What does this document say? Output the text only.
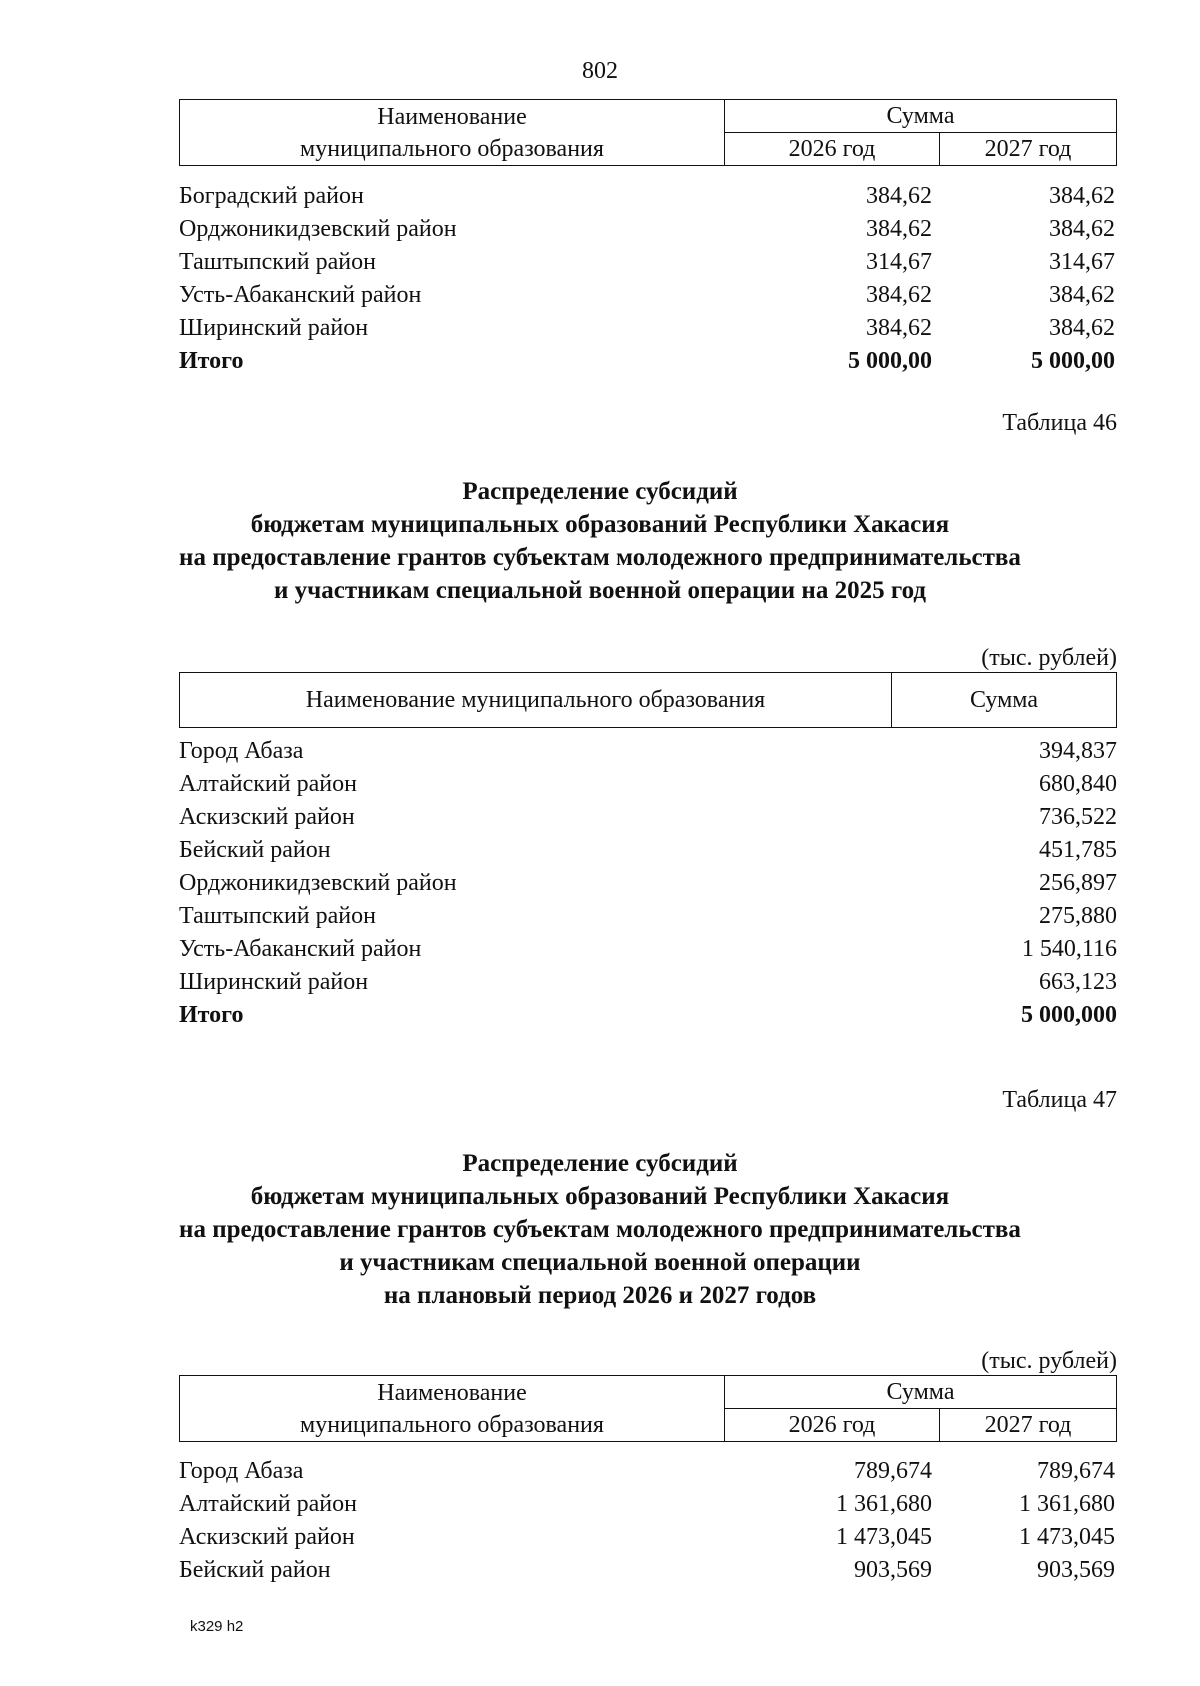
802
Наименование
муниципального образования	Сумма	
	2026 год	2027 год
Боградский район	384,62	384,62
Орджоникидзевский район	384,62	384,62
Таштыпский район	314,67	314,67
Усть-Абаканский район	384,62	384,62
Ширинский район	384,62	384,62
Итого	5 000,00	5 000,00
Таблица 46
Распределение субсидий
бюджетам муниципальных образований Республики Хакасия
на предоставление грантов субъектам молодежного предпринимательства
и участникам специальной военной операции на 2025 год
(тыс. рублей)
Наименование муниципального образования	Сумма
Город Абаза	394,837
Алтайский район	680,840
Аскизский район	736,522
Бейский район	451,785
Орджоникидзевский район	256,897
Таштыпский район	275,880
Усть-Абаканский район	1 540,116
Ширинский район	663,123
Итого	5 000,000
Таблица 47
Распределение субсидий
бюджетам муниципальных образований Республики Хакасия
на предоставление грантов субъектам молодежного предпринимательства
и участникам специальной военной операции
на плановый период 2026 и 2027 годов
(тыс. рублей)
Наименование
муниципального образования	Сумма	
	2026 год	2027 год
Город Абаза	789,674	789,674
Алтайский район	1 361,680	1 361,680
Аскизский район	1 473,045	1 473,045
Бейский район	903,569	903,569
k329 h2
